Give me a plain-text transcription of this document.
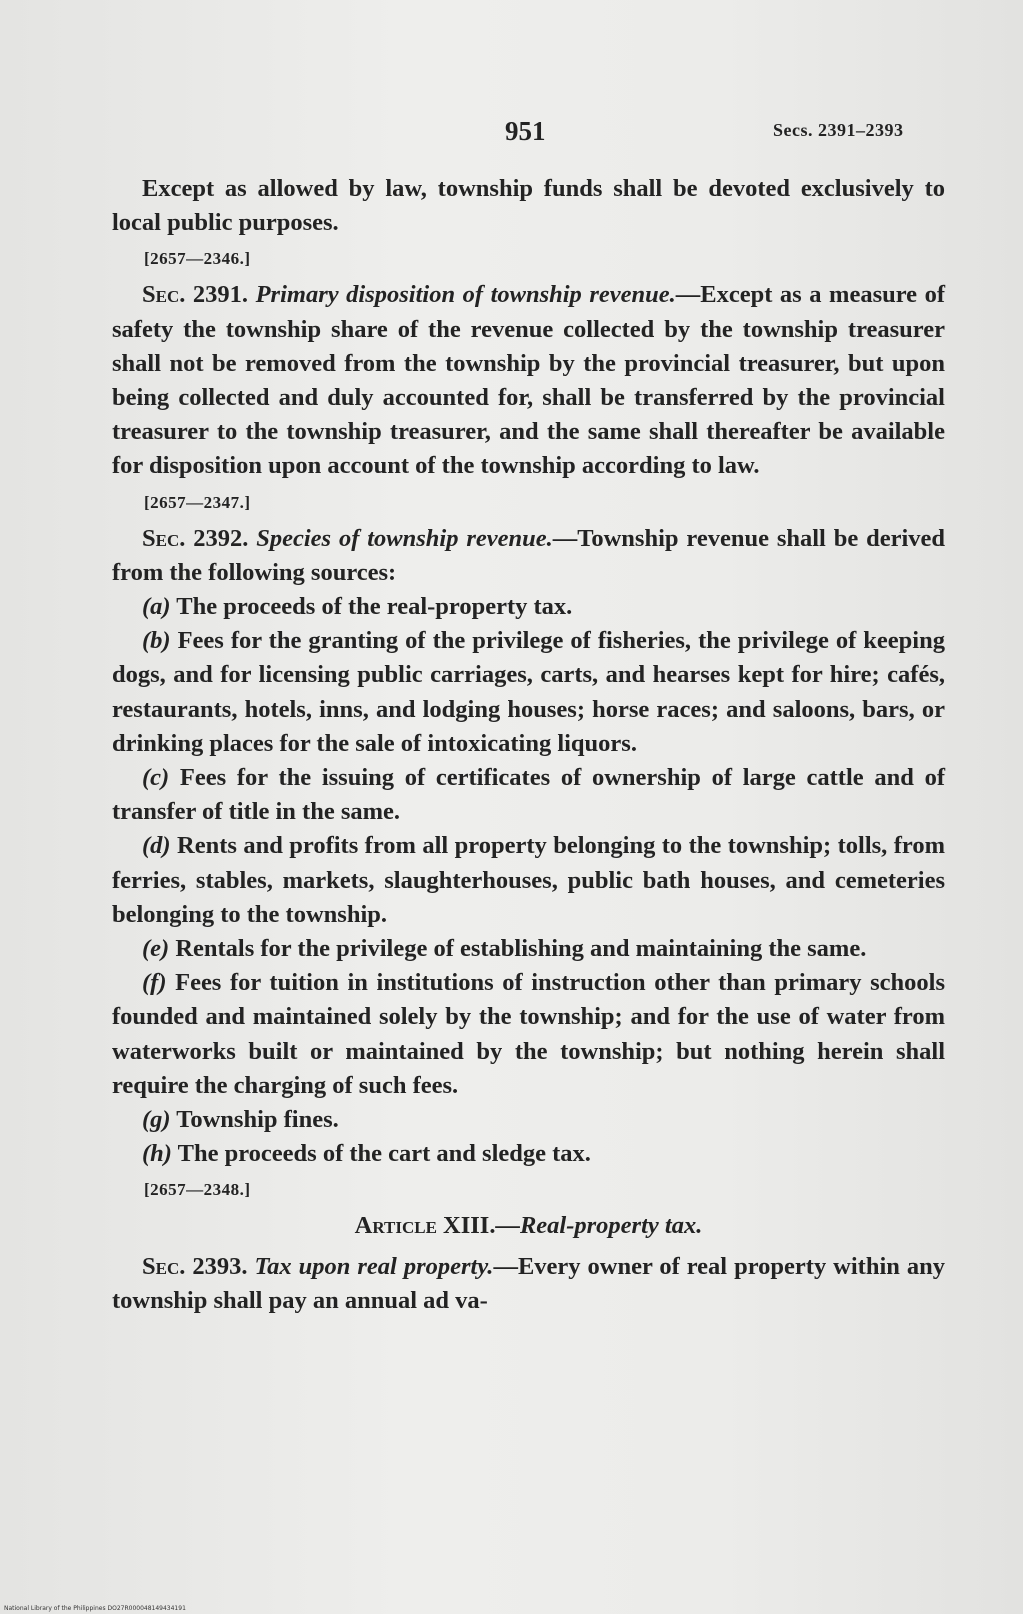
951	Secs. 2391–2393

Except as allowed by law, township funds shall be devoted exclusively to local public purposes.

[2657—2346.]

Sec. 2391. Primary disposition of township revenue.—Except as a measure of safety the township share of the revenue collected by the township treasurer shall not be removed from the township by the provincial treasurer, but upon being collected and duly accounted for, shall be transferred by the provincial treasurer to the township treasurer, and the same shall thereafter be available for disposition upon account of the township according to law.

[2657—2347.]

Sec. 2392. Species of township revenue.—Township revenue shall be derived from the following sources:

(a) The proceeds of the real-property tax.

(b) Fees for the granting of the privilege of fisheries, the privilege of keeping dogs, and for licensing public carriages, carts, and hearses kept for hire; cafés, restaurants, hotels, inns, and lodging houses; horse races; and saloons, bars, or drinking places for the sale of intoxicating liquors.

(c) Fees for the issuing of certificates of ownership of large cattle and of transfer of title in the same.

(d) Rents and profits from all property belonging to the township; tolls, from ferries, stables, markets, slaughterhouses, public bath houses, and cemeteries belonging to the township.

(e) Rentals for the privilege of establishing and maintaining the same.

(f) Fees for tuition in institutions of instruction other than primary schools founded and maintained solely by the township; and for the use of water from waterworks built or maintained by the township; but nothing herein shall require the charging of such fees.

(g) Township fines.

(h) The proceeds of the cart and sledge tax.

[2657—2348.]
Article XIII.—Real-property tax.

Sec. 2393. Tax upon real property.—Every owner of real property within any township shall pay an annual ad va-

National Library of the Philippines DO27R000048149434191
